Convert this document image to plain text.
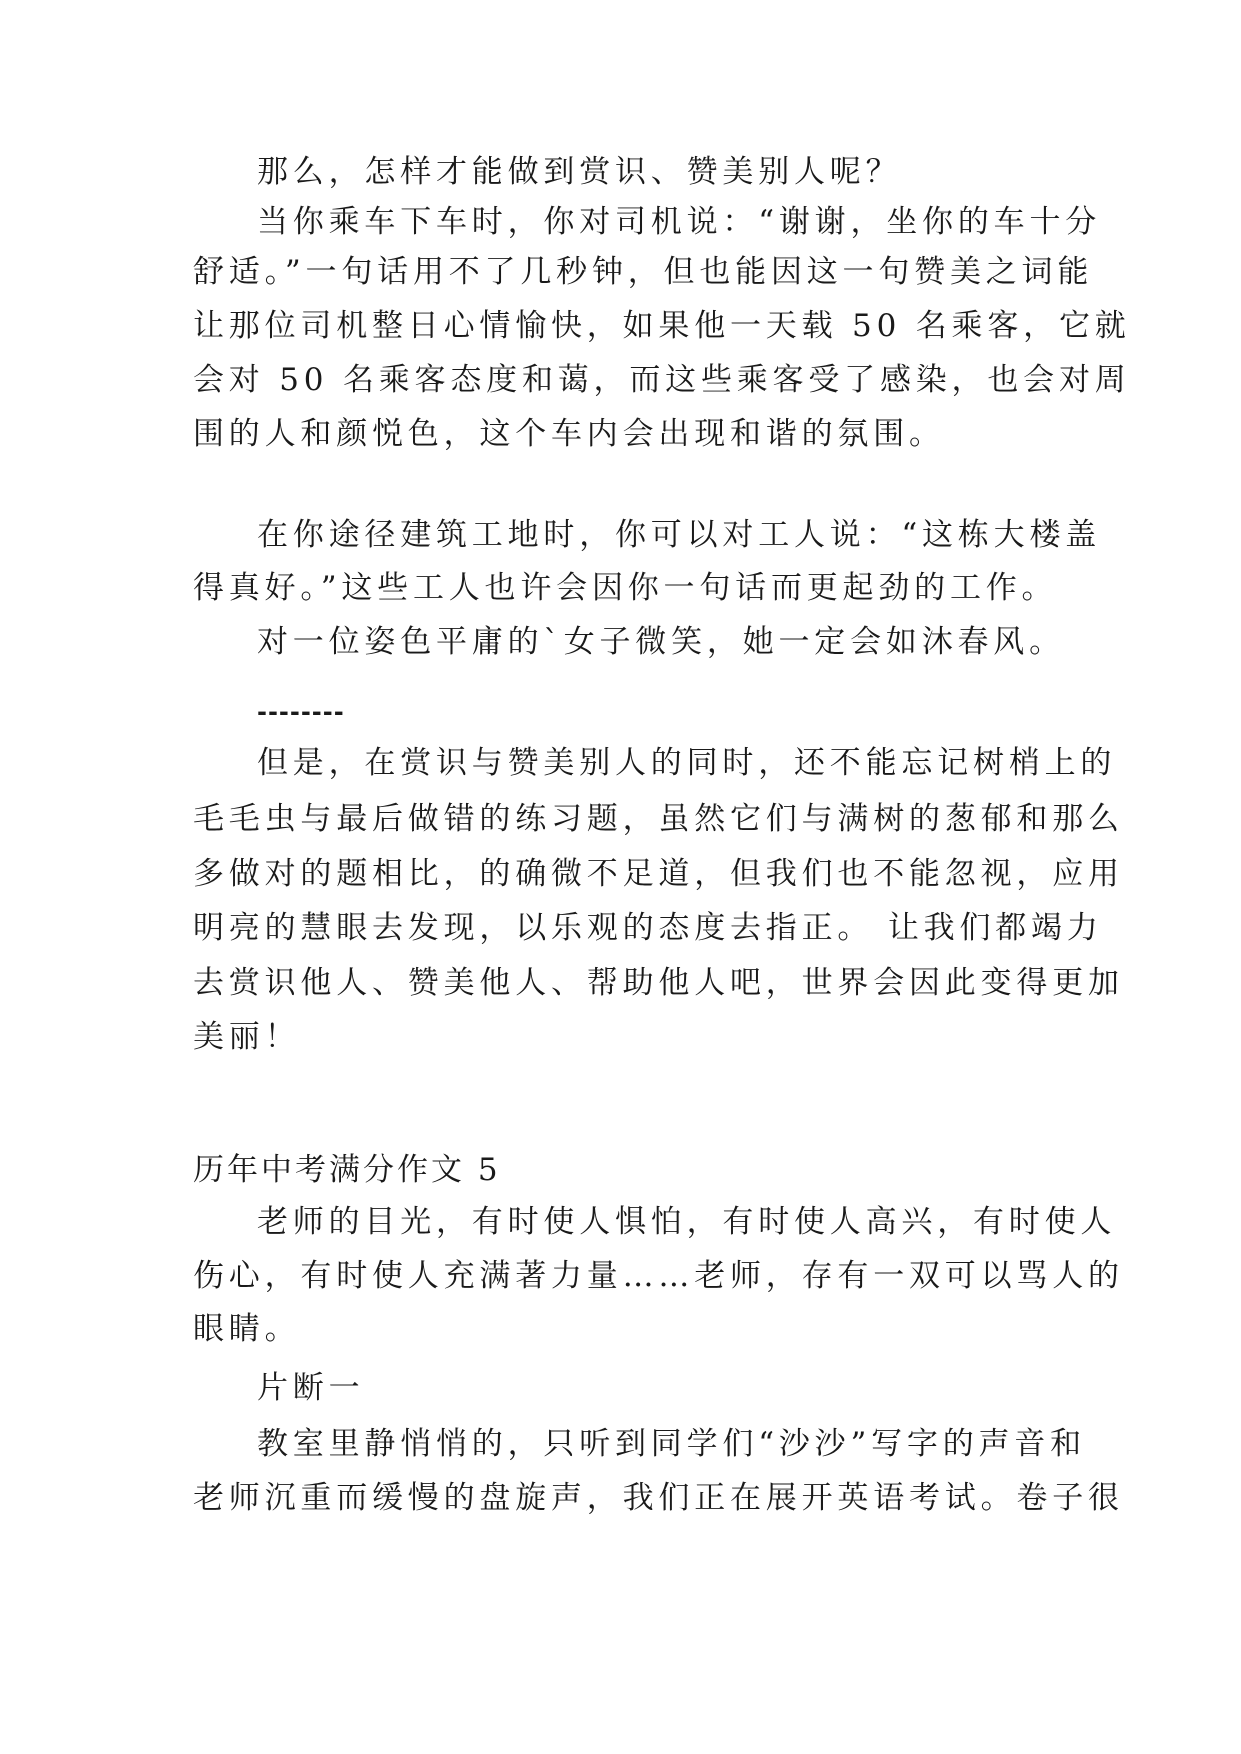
那么，怎样才能做到赏识、赞美别人呢？
当你乘车下车时，你对司机说：“谢谢，坐你的车十分
舒适。”一句话用不了几秒钟，但也能因这一句赞美之词能
让那位司机整日心情愉快，如果他一天载 50 名乘客，它就
会对 50 名乘客态度和蔼，而这些乘客受了感染，也会对周
围的人和颜悦色，这个车内会出现和谐的氛围。
在你途径建筑工地时，你可以对工人说：“这栋大楼盖
得真好。”这些工人也许会因你一句话而更起劲的工作。
对一位姿色平庸的`女子微笑，她一定会如沐春风。
--------
但是，在赏识与赞美别人的同时，还不能忘记树梢上的
毛毛虫与最后做错的练习题，虽然它们与满树的葱郁和那么
多做对的题相比，的确微不足道，但我们也不能忽视，应用
明亮的慧眼去发现，以乐观的态度去指正。 让我们都竭力
去赏识他人、赞美他人、帮助他人吧，世界会因此变得更加
美丽！
历年中考满分作文 5
老师的目光，有时使人惧怕，有时使人高兴，有时使人
伤心，有时使人充满著力量……老师，存有一双可以骂人的
眼睛。
片断一
教室里静悄悄的，只听到同学们“沙沙”写字的声音和
老师沉重而缓慢的盘旋声，我们正在展开英语考试。卷子很
